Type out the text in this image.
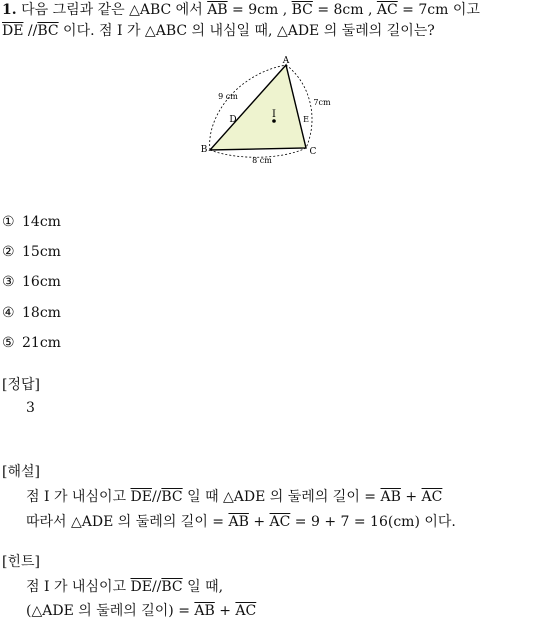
1. 다음 그림과 같은 △ABC 에서 $\overline{AB} = 9cm$ , $\overline{BC} = 8cm$ , $\overline{AC} = 7cm$ 이고
$\overline{DE}$ $//\overline{BC}$ 이다. 점 I 가 △ABC 의 내심일 때, △ADE 의 둘레의 길이는?
A
B	C
D	E
I
9 cm
7cm
8 cm
① 14cm
② 15cm
③ 16cm
④ 18cm
⑤ 21cm
[정답]
3
[해설]
점 I 가 내심이고 $\overline{DE}//\overline{BC}$ 일 때 △ADE 의 둘레의 길이 = $\overline{AB} + \overline{AC}$
따라서 △ADE 의 둘레의 길이 = $\overline{AB} + \overline{AC} = 9 + 7 = 16(cm)$ 이다.
[힌트]
점 I 가 내심이고 $\overline{DE}//\overline{BC}$ 일 때,
(△ADE 의 둘레의 길이) = $\overline{AB} + \overline{AC}$
